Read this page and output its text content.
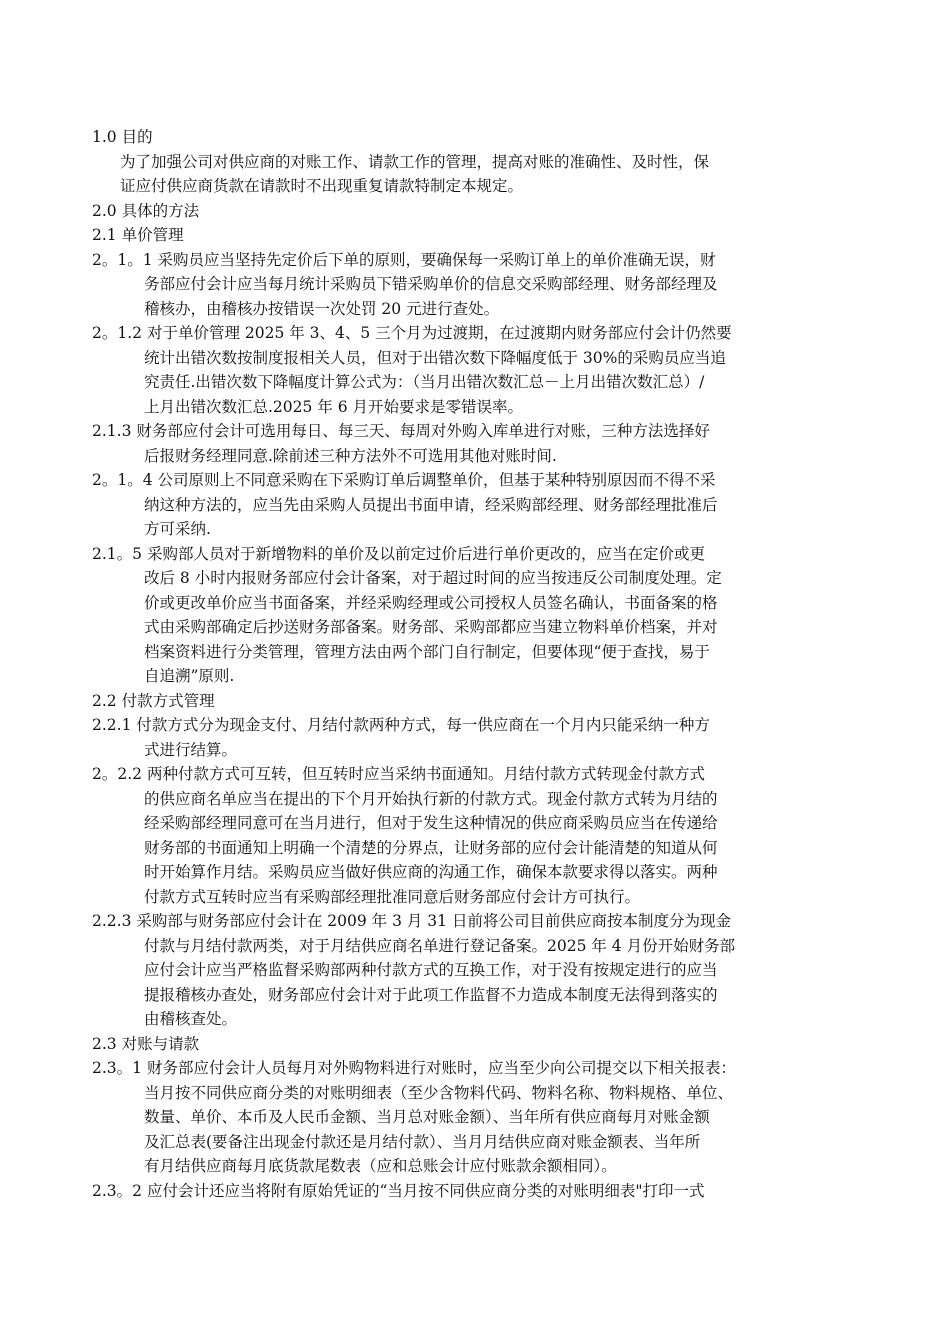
1.0 目的
为了加强公司对供应商的对账工作、请款工作的管理，提高对账的准确性、及时性，保
证应付供应商货款在请款时不出现重复请款特制定本规定。
2.0 具体的方法
2.1 单价管理
2。1。1 采购员应当坚持先定价后下单的原则，要确保每一采购订单上的单价准确无误，财
务部应付会计应当每月统计采购员下错采购单价的信息交采购部经理、财务部经理及
稽核办，由稽核办按错误一次处罚 20 元进行查处。
2。1.2 对于单价管理 2025 年 3、4、5 三个月为过渡期，在过渡期内财务部应付会计仍然要
统计出错次数按制度报相关人员，但对于出错次数下降幅度低于 30%的采购员应当追
究责任.出错次数下降幅度计算公式为：（当月出错次数汇总－上月出错次数汇总）/
上月出错次数汇总.2025 年 6 月开始要求是零错误率。
2.1.3 财务部应付会计可选用每日、每三天、每周对外购入库单进行对账，三种方法选择好
后报财务经理同意.除前述三种方法外不可选用其他对账时间.
2。1。4 公司原则上不同意采购在下采购订单后调整单价，但基于某种特别原因而不得不采
纳这种方法的，应当先由采购人员提出书面申请，经采购部经理、财务部经理批准后
方可采纳.
2.1。5 采购部人员对于新增物料的单价及以前定过价后进行单价更改的，应当在定价或更
改后 8 小时内报财务部应付会计备案，对于超过时间的应当按违反公司制度处理。定
价或更改单价应当书面备案，并经采购经理或公司授权人员签名确认，书面备案的格
式由采购部确定后抄送财务部备案。财务部、采购部都应当建立物料单价档案，并对
档案资料进行分类管理，管理方法由两个部门自行制定，但要体现“便于查找，易于
自追溯”原则.
2.2 付款方式管理
2.2.1 付款方式分为现金支付、月结付款两种方式，每一供应商在一个月内只能采纳一种方
式进行结算。
2。2.2 两种付款方式可互转，但互转时应当采纳书面通知。月结付款方式转现金付款方式
的供应商名单应当在提出的下个月开始执行新的付款方式。现金付款方式转为月结的
经采购部经理同意可在当月进行，但对于发生这种情况的供应商采购员应当在传递给
财务部的书面通知上明确一个清楚的分界点，让财务部的应付会计能清楚的知道从何
时开始算作月结。采购员应当做好供应商的沟通工作，确保本款要求得以落实。两种
付款方式互转时应当有采购部经理批准同意后财务部应付会计方可执行。
2.2.3 采购部与财务部应付会计在 2009 年 3 月 31 日前将公司目前供应商按本制度分为现金
付款与月结付款两类，对于月结供应商名单进行登记备案。2025 年 4 月份开始财务部
应付会计应当严格监督采购部两种付款方式的互换工作，对于没有按规定进行的应当
提报稽核办查处，财务部应付会计对于此项工作监督不力造成本制度无法得到落实的
由稽核查处。
2.3 对账与请款
2.3。1 财务部应付会计人员每月对外购物料进行对账时，应当至少向公司提交以下相关报表：
当月按不同供应商分类的对账明细表（至少含物料代码、物料名称、物料规格、单位、
数量、单价、本币及人民币金额、当月总对账金额）、当年所有供应商每月对账金额
及汇总表(要备注出现金付款还是月结付款）、当月月结供应商对账金额表、当年所
有月结供应商每月底货款尾数表（应和总账会计应付账款余额相同）。
2.3。2 应付会计还应当将附有原始凭证的“当月按不同供应商分类的对账明细表"打印一式
